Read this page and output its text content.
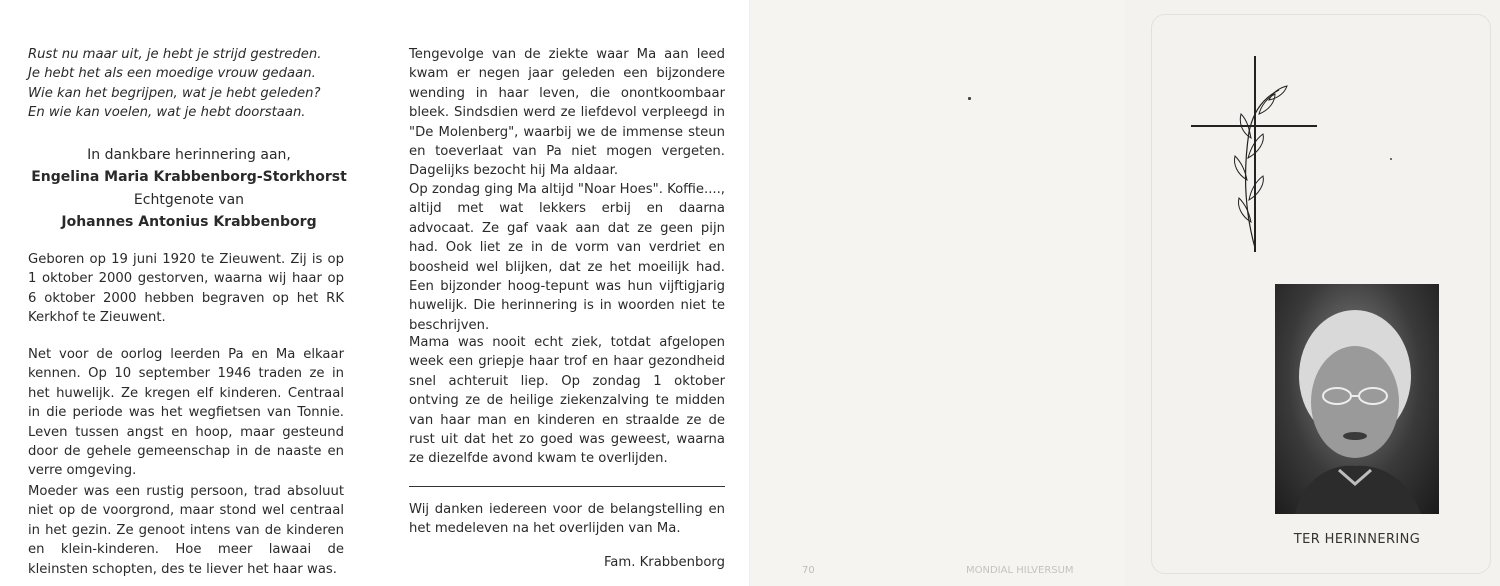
Rust nu maar uit, je hebt je strijd gestreden.
Je hebt het als een moedige vrouw gedaan.
Wie kan het begrijpen, wat je hebt geleden?
En wie kan voelen, wat je hebt doorstaan.
In dankbare herinnering aan,
Engelina Maria Krabbenborg-Storkhorst
Echtgenote van
Johannes Antonius Krabbenborg

Geboren op 19 juni 1920 te Zieuwent. Zij is op 1 oktober 2000 gestorven, waarna wij haar op 6 oktober 2000 hebben begraven op het RK Kerkhof te Zieuwent.

Net voor de oorlog leerden Pa en Ma elkaar kennen. Op 10 september 1946 traden ze in het huwelijk. Ze kregen elf kinderen. Centraal in die periode was het wegfietsen van Tonnie. Leven tussen angst en hoop, maar gesteund door de gehele gemeenschap in de naaste en verre omgeving.

Moeder was een rustig persoon, trad absoluut niet op de voorgrond, maar stond wel centraal in het gezin. Ze genoot intens van de kinderen en klein-kinderen. Hoe meer lawaai de kleinsten schopten, des te liever het haar was.

Tengevolge van de ziekte waar Ma aan leed kwam er negen jaar geleden een bijzondere wending in haar leven, die onontkoombaar bleek. Sindsdien werd ze liefdevol verpleegd in "De Molenberg", waarbij we de immense steun en toeverlaat van Pa niet mogen vergeten. Dagelijks bezocht hij Ma aldaar.

Op zondag ging Ma altijd "Noar Hoes". Koffie...., altijd met wat lekkers erbij en daarna advocaat. Ze gaf vaak aan dat ze geen pijn had. Ook liet ze in de vorm van verdriet en boosheid wel blijken, dat ze het moeilijk had. Een bijzonder hoog-tepunt was hun vijftigjarig huwelijk. Die herinnering is in woorden niet te beschrijven.

Mama was nooit echt ziek, totdat afgelopen week een griepje haar trof en haar gezondheid snel achteruit liep. Op zondag 1 oktober ontving ze de heilige ziekenzalving te midden van haar man en kinderen en straalde ze de rust uit dat het zo goed was geweest, waarna ze diezelfde avond kwam te overlijden.

Wij danken iedereen voor de belangstelling en het medeleven na het overlijden van Ma.

Fam. Krabbenborg

70	MONDIAL HILVERSUM
TER HERINNERING
